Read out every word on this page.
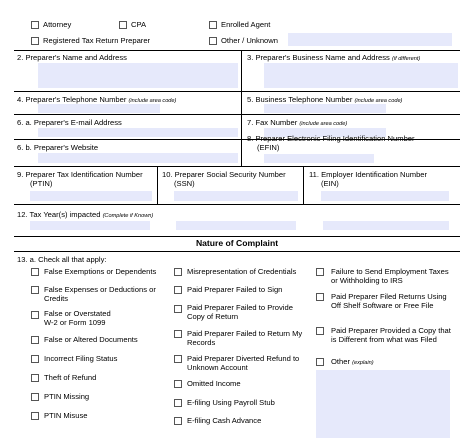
Attorney	CPA	Enrolled Agent
Registered Tax Return Preparer	Other / Unknown
2. Preparer's Name and Address	3. Preparer's Business Name and Address (if different)
4. Preparer's Telephone Number (include area code)	5. Business Telephone Number (include area code)
6. a. Preparer's E-mail Address	7. Fax Number (include area code)
6. b. Preparer's Website
8. Preparer Electronic Filing Identification Number
(EFIN)
9. Preparer Tax Identification Number
(PTIN)
10. Preparer Social Security Number
(SSN)
11. Employer Identification Number
(EIN)
12. Tax Year(s) impacted (Complete if Known)
Nature of Complaint
13. a. Check all that apply:
False Exemptions or Dependents
False Expenses or Deductions or Credits
False or Overstated W-2 or Form 1099
False or Altered Documents
Incorrect Filing Status
Theft of Refund
PTIN Missing
PTIN Misuse
Misrepresentation of Credentials
Paid Preparer Failed to Sign
Paid Preparer Failed to Provide Copy of Return
Paid Preparer Failed to Return My Records
Paid Preparer Diverted Refund to Unknown Account
Omitted Income
E-filing Using Payroll Stub
E-filing Cash Advance
Failure to Send Employment Taxes or Withholding to IRS
Paid Preparer Filed Returns Using Off Shelf Software or Free File
Paid Preparer Provided a Copy that is Different from what was Filed
Other (explain)
